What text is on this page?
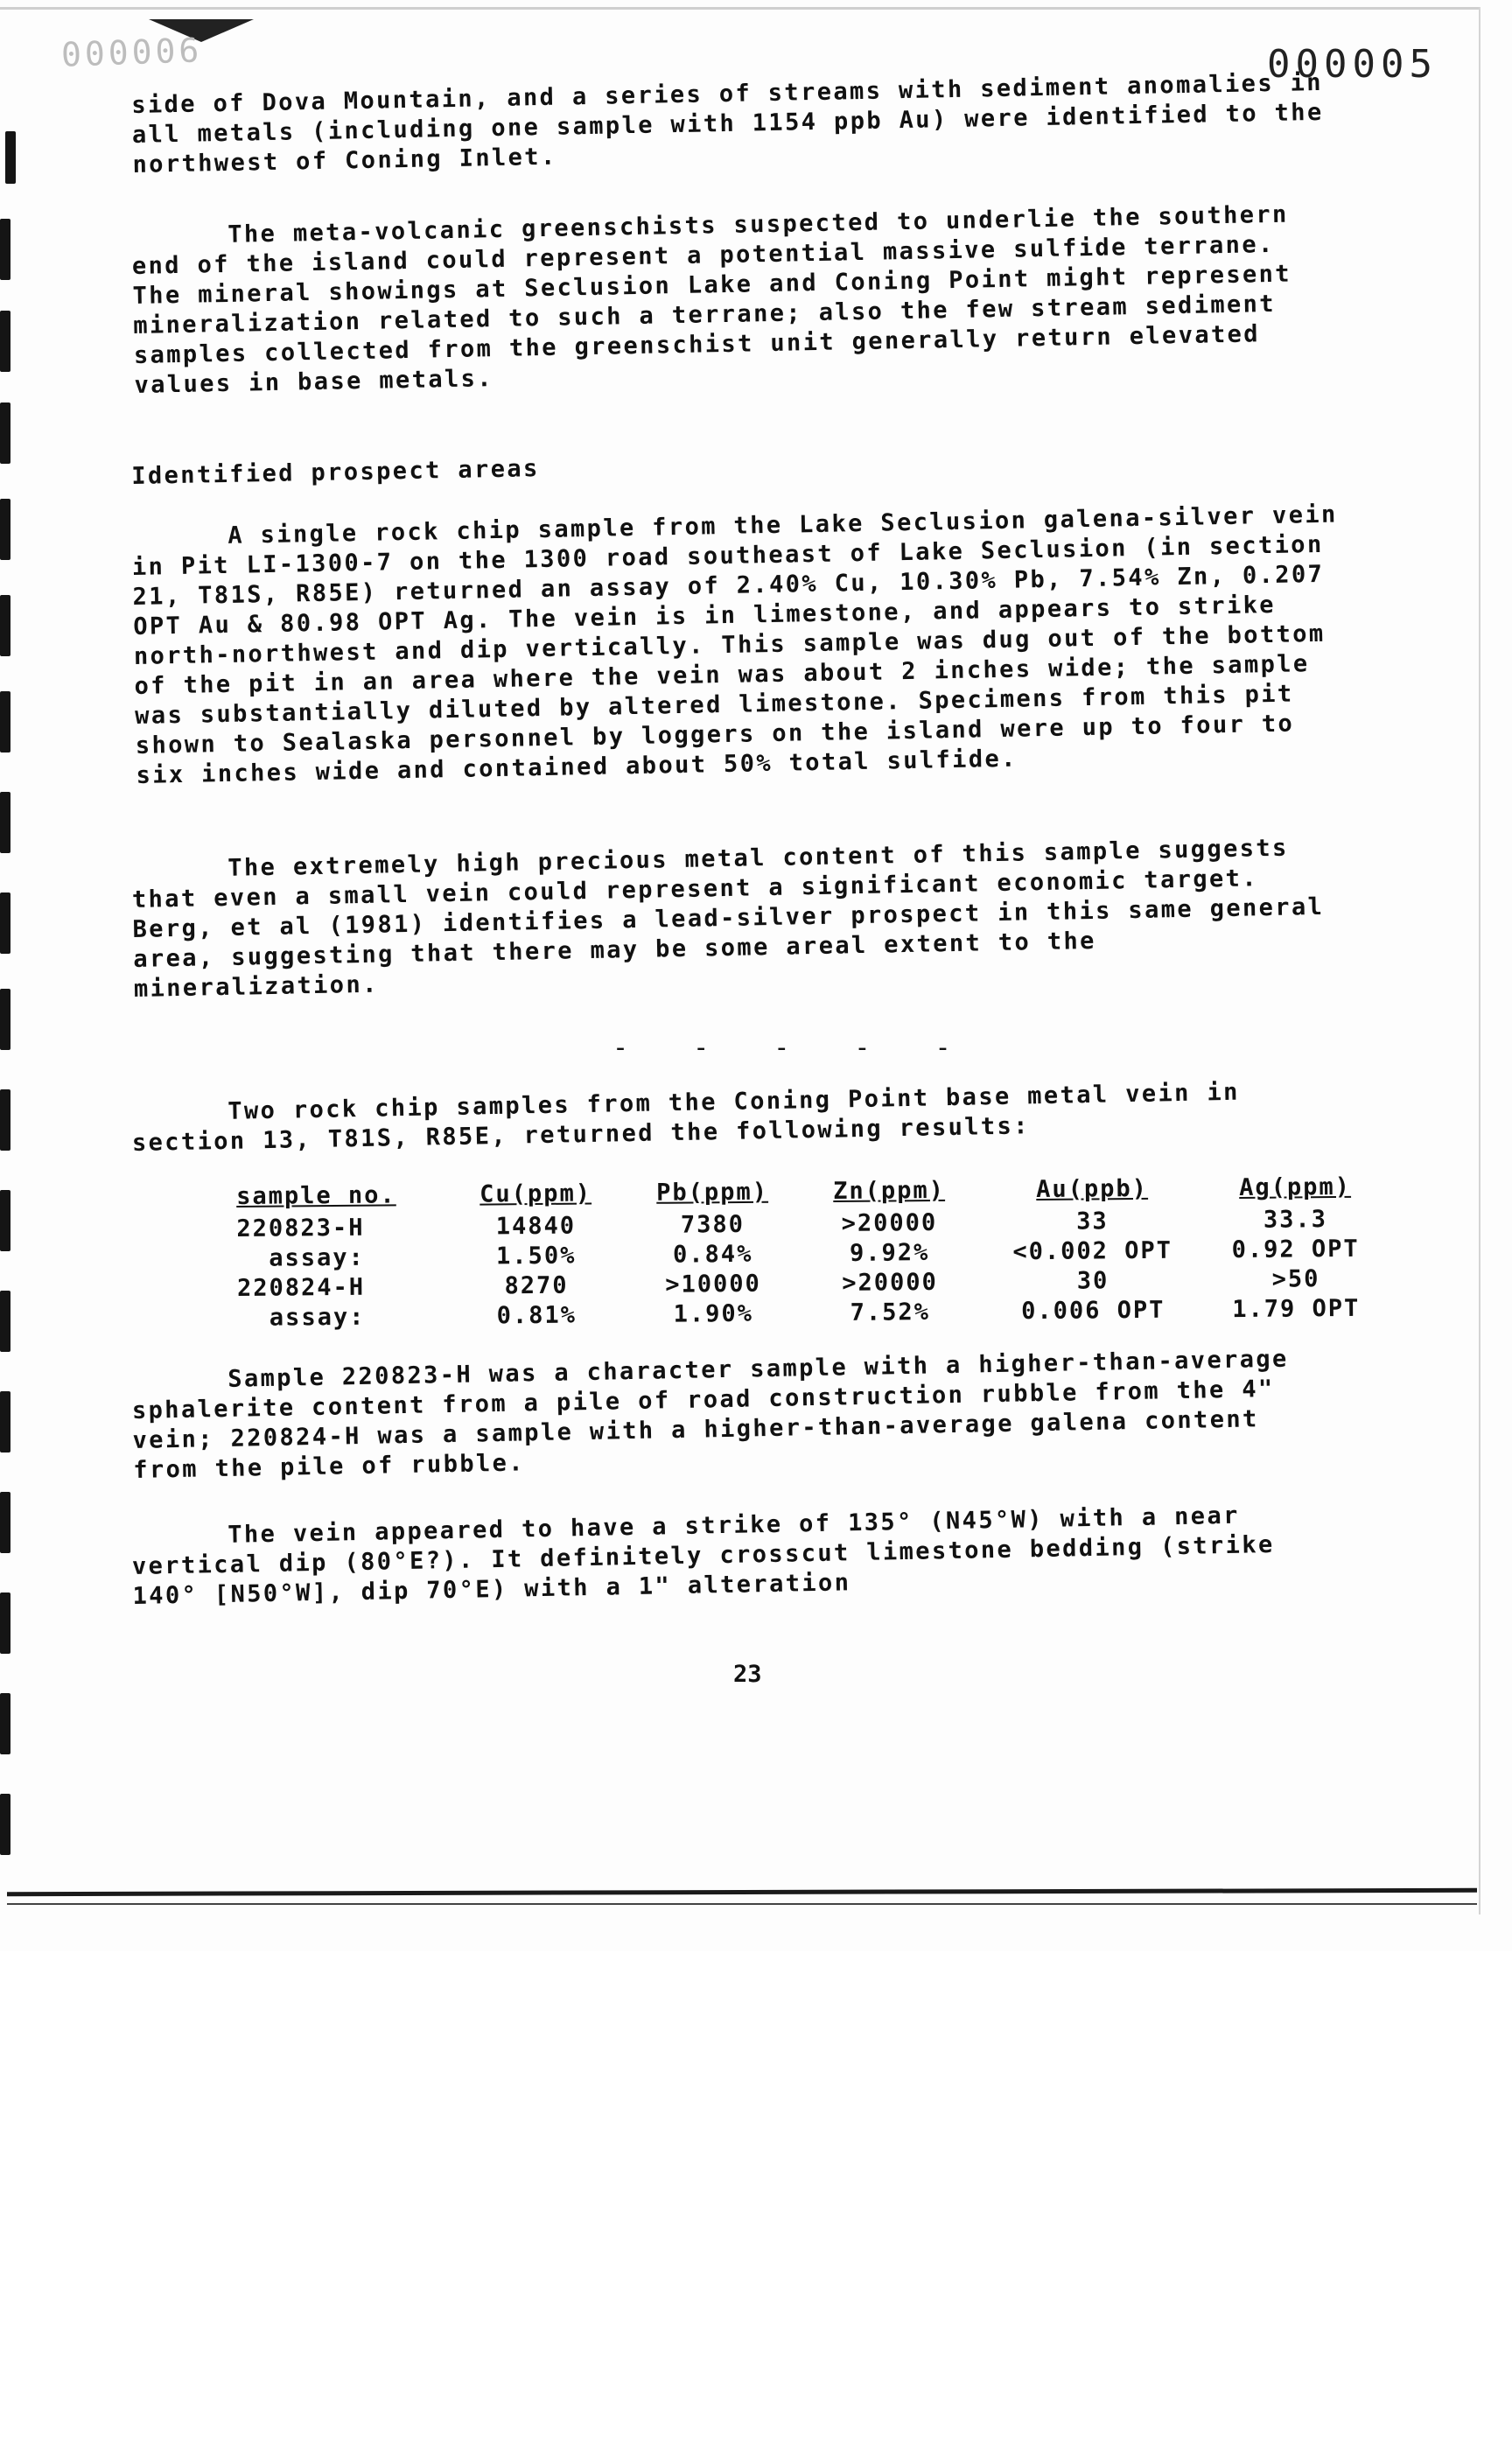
000006	000005

side of Dova Mountain, and a series of streams with sediment anomalies in all metals (including one sample with 1154 ppb Au) were identified to the northwest of Coning Inlet.

The meta-volcanic greenschists suspected to underlie the southern end of the island could represent a potential massive sulfide terrane. The mineral showings at Seclusion Lake and Coning Point might represent mineralization related to such a terrane; also the few stream sediment samples collected from the greenschist unit generally return elevated values in base metals.

Identified prospect areas

A single rock chip sample from the Lake Seclusion galena-silver vein in Pit LI-1300-7 on the 1300 road southeast of Lake Seclusion (in section 21, T81S, R85E) returned an assay of 2.40% Cu, 10.30% Pb, 7.54% Zn, 0.207 OPT Au & 80.98 OPT Ag. The vein is in limestone, and appears to strike north-northwest and dip vertically. This sample was dug out of the bottom of the pit in an area where the vein was about 2 inches wide; the sample was substantially diluted by altered limestone. Specimens from this pit shown to Sealaska personnel by loggers on the island were up to four to six inches wide and contained about 50% total sulfide.

The extremely high precious metal content of this sample suggests that even a small vein could represent a significant economic target. Berg, et al (1981) identifies a lead-silver prospect in this same general area, suggesting that there may be some areal extent to the mineralization.

- - - - -

Two rock chip samples from the Coning Point base metal vein in section 13, T81S, R85E, returned the following results:

sample no.	Cu(ppm)	Pb(ppm)	Zn(ppm)	Au(ppb)	Ag(ppm)
220823-H	14840	7380	>20000	33	33.3
assay:	1.50%	0.84%	9.92%	<0.002 OPT	0.92 OPT
220824-H	8270	>10000	>20000	30	>50
assay:	0.81%	1.90%	7.52%	0.006 OPT	1.79 OPT

Sample 220823-H was a character sample with a higher-than-average sphalerite content from a pile of road construction rubble from the 4" vein; 220824-H was a sample with a higher-than-average galena content from the pile of rubble.

The vein appeared to have a strike of 135° (N45°W) with a near vertical dip (80°E?). It definitely crosscut limestone bedding (strike 140° [N50°W], dip 70°E) with a 1" alteration

23
